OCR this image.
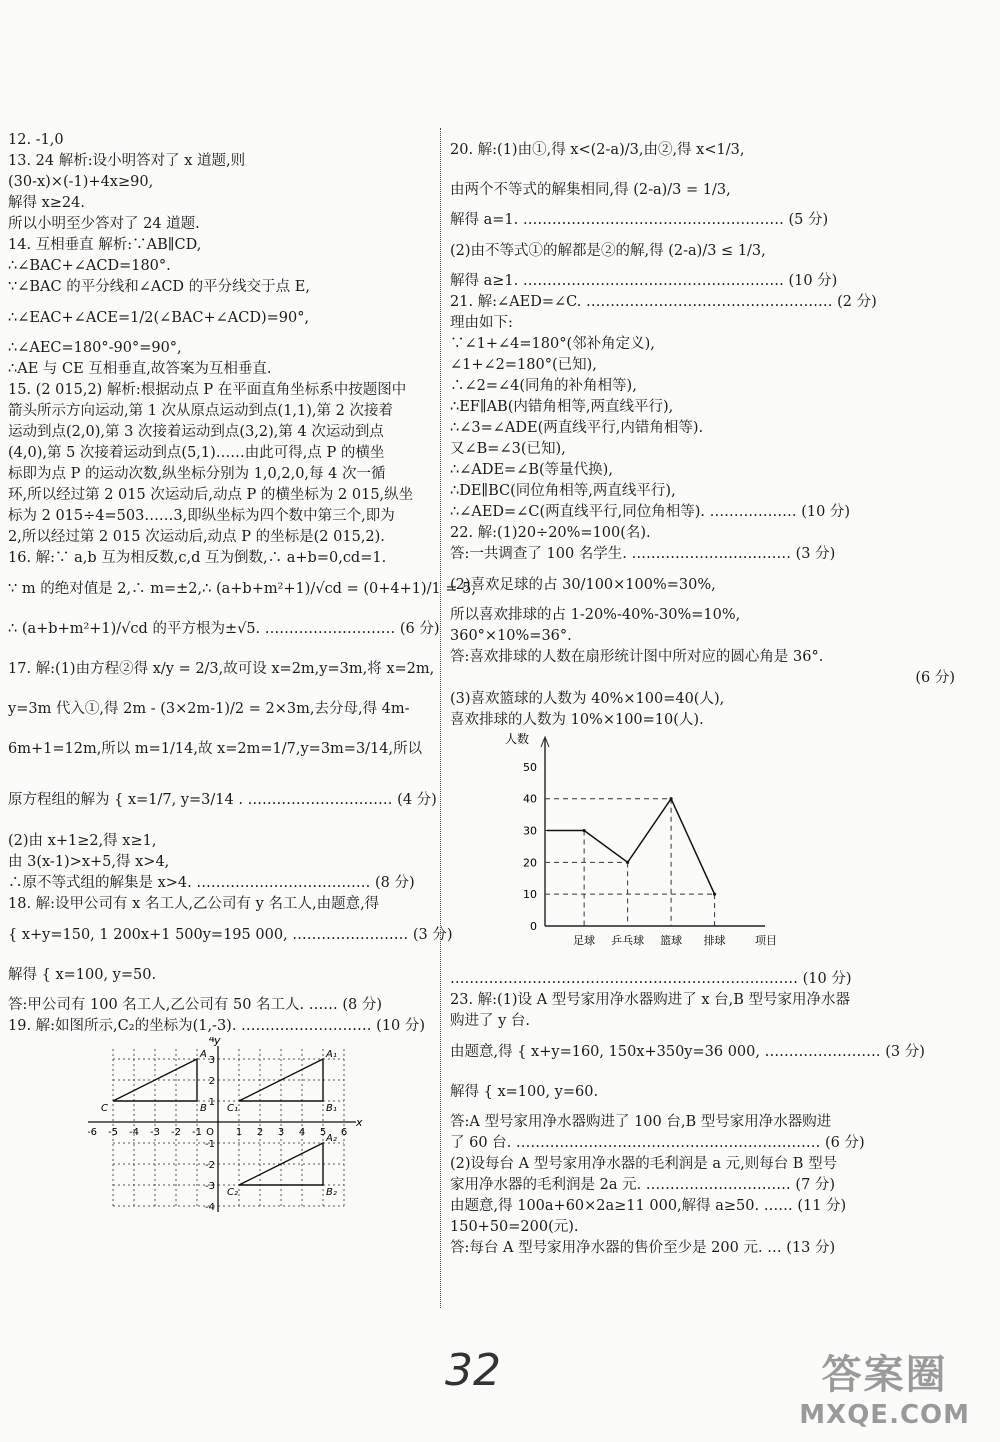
12. -1,0
13. 24 解析:设小明答对了 x 道题,则
(30-x)×(-1)+4x≥90,
解得 x≥24.
所以小明至少答对了 24 道题.
14. 互相垂直 解析:∵AB∥CD,
∴∠BAC+∠ACD=180°.
∵∠BAC 的平分线和∠ACD 的平分线交于点 E,
∴∠EAC+∠ACE=1/2(∠BAC+∠ACD)=90°,
∴∠AEC=180°-90°=90°,
∴AE 与 CE 互相垂直,故答案为互相垂直.
15. (2 015,2) 解析:根据动点 P 在平面直角坐标系中按题图中
箭头所示方向运动,第 1 次从原点运动到点(1,1),第 2 次接着
运动到点(2,0),第 3 次接着运动到点(3,2),第 4 次运动到点
(4,0),第 5 次接着运动到点(5,1)……由此可得,点 P 的横坐
标即为点 P 的运动次数,纵坐标分别为 1,0,2,0,每 4 次一循
环,所以经过第 2 015 次运动后,动点 P 的横坐标为 2 015,纵坐
标为 2 015÷4=503……3,即纵坐标为四个数中第三个,即为
2,所以经过第 2 015 次运动后,动点 P 的坐标是(2 015,2).
16. 解:∵ a,b 互为相反数,c,d 互为倒数,∴ a+b=0,cd=1.
∵ m 的绝对值是 2,∴ m=±2,∴ (a+b+m²+1)/√cd = (0+4+1)/1 = 5,
∴ (a+b+m²+1)/√cd 的平方根为±√5. ……………………… (6 分)
17. 解:(1)由方程②得 x/y = 2/3,故可设 x=2m,y=3m,将 x=2m,
y=3m 代入①,得 2m - (3×2m-1)/2 = 2×3m,去分母,得 4m-
6m+1=12m,所以 m=1/14,故 x=2m=1/7,y=3m=3/14,所以
原方程组的解为 { x=1/7, y=3/14 . ………………………… (4 分)
(2)由 x+1≥2,得 x≥1,
由 3(x-1)>x+5,得 x>4,
∴原不等式组的解集是 x>4. ……………………………… (8 分)
18. 解:设甲公司有 x 名工人,乙公司有 y 名工人,由题意,得
{ x+y=150, 1 200x+1 500y=195 000, …………………… (3 分)
解得 { x=100, y=50.
答:甲公司有 100 名工人,乙公司有 50 名工人. …… (8 分)
19. 解:如图所示,C₂的坐标为(1,-3). ……………………… (10 分)
x
y
-6 -5 -4 -3 -2 -1 O 1 2 3 4 5 6
4
3
2
1
-1
-2
-3
-4
A
B
C
A₁
B₁
C₁
A₂
B₂
C₂
20. 解:(1)由①,得 x<(2-a)/3,由②,得 x<1/3,
由两个不等式的解集相同,得 (2-a)/3 = 1/3,
解得 a=1. ……………………………………………… (5 分)
(2)由不等式①的解都是②的解,得 (2-a)/3 ≤ 1/3,
解得 a≥1. ……………………………………………… (10 分)
21. 解:∠AED=∠C. …………………………………………… (2 分)
理由如下:
∵∠1+∠4=180°(邻补角定义),
∠1+∠2=180°(已知),
∴∠2=∠4(同角的补角相等),
∴EF∥AB(内错角相等,两直线平行),
∴∠3=∠ADE(两直线平行,内错角相等).
又∠B=∠3(已知),
∴∠ADE=∠B(等量代换),
∴DE∥BC(同位角相等,两直线平行),
∴∠AED=∠C(两直线平行,同位角相等). ……………… (10 分)
22. 解:(1)20÷20%=100(名).
答:一共调查了 100 名学生. …………………………… (3 分)
(2)喜欢足球的占 30/100×100%=30%,
所以喜欢排球的占 1-20%-40%-30%=10%,
360°×10%=36°.
答:喜欢排球的人数在扇形统计图中所对应的圆心角是 36°.
(6 分)
(3)喜欢篮球的人数为 40%×100=40(人),
喜欢排球的人数为 10%×100=10(人).
人数
0
10
20
30
40
50
足球 乒乓球 篮球 排球	项目
……………………………………………………………… (10 分)
23. 解:(1)设 A 型号家用净水器购进了 x 台,B 型号家用净水器
购进了 y 台.
由题意,得 { x+y=160, 150x+350y=36 000, …………………… (3 分)
解得 { x=100, y=60.
答:A 型号家用净水器购进了 100 台,B 型号家用净水器购进
了 60 台. ……………………………………………………… (6 分)
(2)设每台 A 型号家用净水器的毛利润是 a 元,则每台 B 型号
家用净水器的毛利润是 2a 元. ………………………… (7 分)
由题意,得 100a+60×2a≥11 000,解得 a≥50. …… (11 分)
150+50=200(元).
答:每台 A 型号家用净水器的售价至少是 200 元. … (13 分)
32	答案圈
MXQE.COM
